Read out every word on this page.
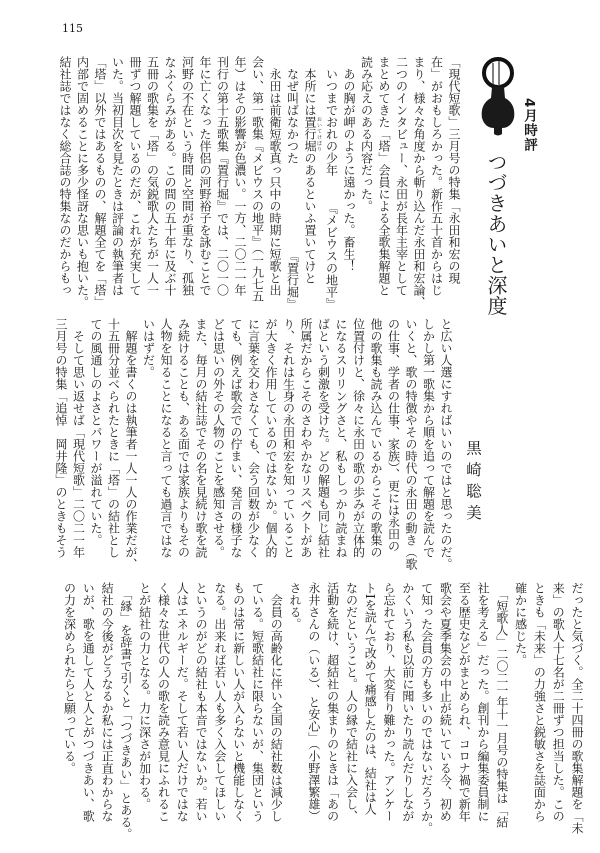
115
4月時評
つづきあいと深度
黒崎聡美
「現代短歌」三月号の特集「永田和宏の現
在」がおもしろかった。新作五十首からはじ
まり、様々な角度から斬り込んだ永田和宏論、
二つのインタビュー、永田が長年主宰として
まとめてきた「塔」会員による全歌集解題と
読み応えのある内容だった。
　あの胸が岬のように遠かった。畜生！
　いつまでおれの少年
『メビウスの地平』
　本所には置行堀 おいてけぼりのあるといふ置いてけと
　なぜ叫ばなかつた
『置行堀』
　永田は前衛短歌真っ只中の時期に短歌と出
会い、第一歌集『メビウスの地平』（一九七五
年）はその影響が色濃い。一方、二〇二一年
刊行の第十五歌集『置行堀』では、二〇一〇
年に亡くなった伴侶の河野裕子を詠むことで
河野の不在という時間と空間が重なり、孤独
なふくらみがある。この間の五十年に及ぶ十
五冊の歌集を「塔」の気鋭歌人たちが一人一
冊ずつ解題しているのだが、これが充実して
いた。当初目次を見たときは評論の執筆者は
「塔」以外ではあるものの、解題全てを「塔」
内部で固めることに多少怪訝な思いも抱いた。
結社誌ではなく総合誌の特集なのだからもっ
と広い人選にすればいいのではと思ったのだ。
しかし第一歌集から順を追って解題を読んで
いくと、歌の特徴やその時代の永田の動き（歌
の仕事、学者の仕事、家族）、更には永田の
他の歌集も読み込んでいるからこその歌集の
位置付けと、徐々に永田の歌の歩みが立体的
になるスリリングさと、私もしっかり読まね
ばという刺激を受けた。どの解題も同じ結社
所属だからこそのさわやかなリスペクトがあ
り、それは生身の永田和宏を知っていること
が大きく作用しているのではないか。個人的
に言葉を交わさなくても、会う回数が少なく
ても、例えば歌会での佇まい、発言の様子な
どは思いの外その人物のことを感知させる。
また、毎月の結社誌でその名を見続け歌を読
み続けることも、ある面では家族よりもその
人物を知ることになると言っても過言ではな
いはずだ。
　解題を書くのは執筆者一人一人の作業だが、
十五冊分並べられたときに「塔」の結社とし
ての風通しのよさとパワーが溢れていた。
　そして思い返せば「現代短歌」二〇二一年
三月号の特集「追悼　岡井隆」のときもそう
だったと気づく。全二十四冊の歌集解題を「未
来」の歌人十七名が二冊ずつ担当した。この
ときも「未来」の力強さと鋭敏さを誌面から
確かに感じた。
　「短歌人」二〇二一年十一月号の特集は「結
社を考える」だった。創刊から編集委員制に
至る歴史などがまとめられ、コロナ禍で新年
歌会や夏季集会の中止が続いている今、初め
て知った会員の方も多いのではないだろうか。
かくいう私も以前に聞いたり読んだりしなが
ら忘れており、大変有り難かった。アンケー
トIを読んで改めて痛感したのは、結社は人
なのだということ。人の縁で結社に入会し、
活動を続け、超結社の集まりのときは「あの
永井さんの（いる）、と安心」（小野澤繁雄）
される。
　会員の高齢化に伴い全国の結社数は減少し
ている。短歌結社に限らないが、集団という
ものは常に新しい人が入らないと機能しなく
なる。出来れば若い人も多く入会してほしい
というのがどの結社も本音ではないか。若い
人はエネルギーだ。そして若い人だけではな
く様々な世代の人の歌を読み意見にふれるこ
とが結社の力となる。力に深さが加わる。
　「縁」を辞書で引くと「つづきあい」とある。
結社の今後がどうなるか私には正直わからな
いが、歌を通して人と人とがつづきあい、歌
の力を深められたらと願っている。
